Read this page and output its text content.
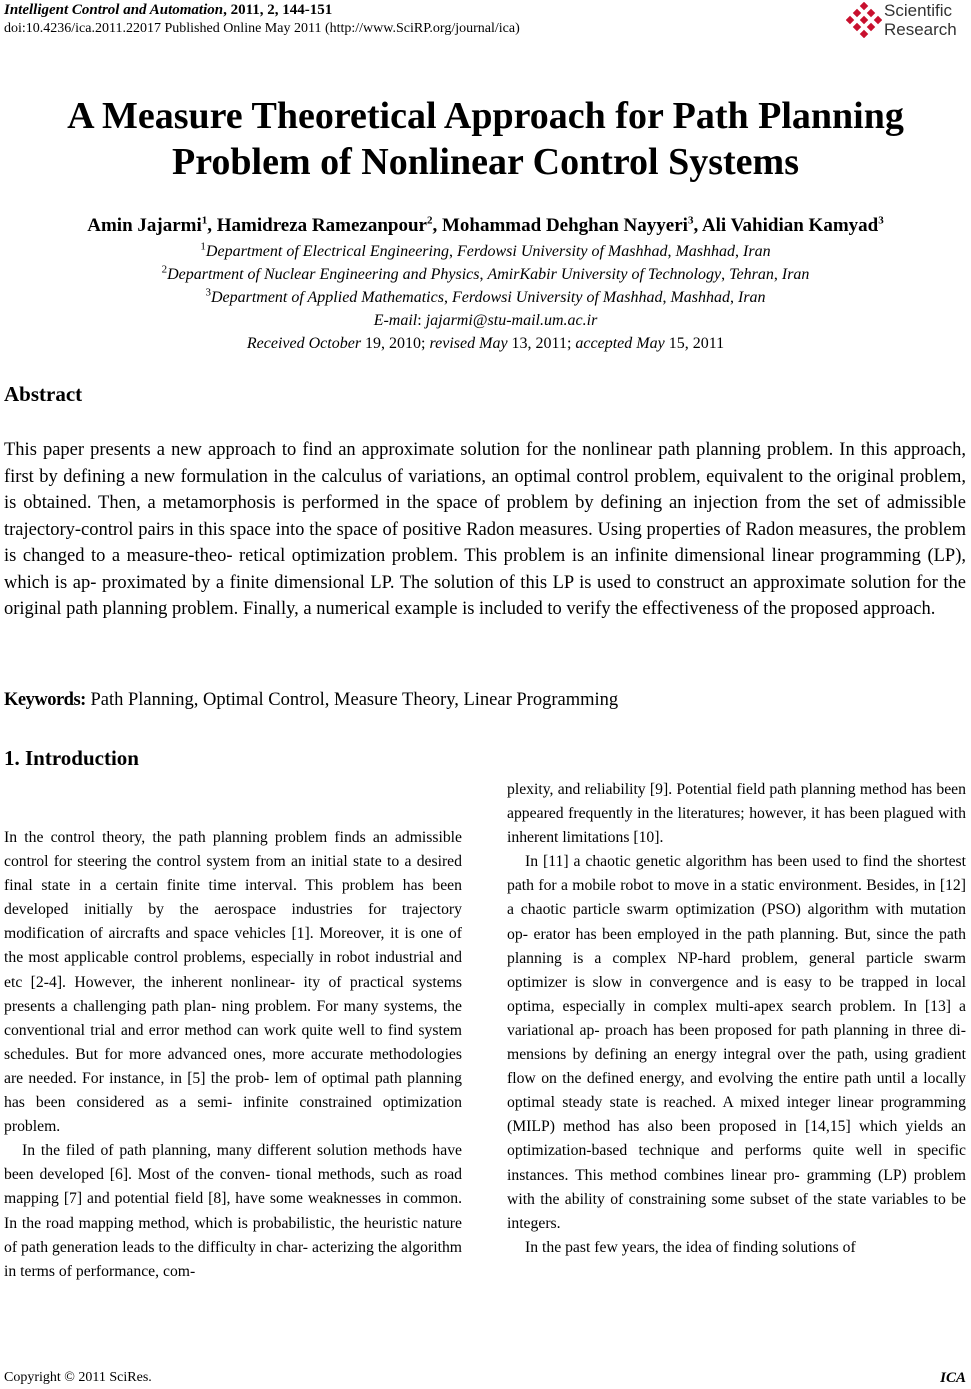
Intelligent Control and Automation, 2011, 2, 144-151
doi:10.4236/ica.2011.22017 Published Online May 2011 (http://www.SciRP.org/journal/ica)
Scientific
Research
A Measure Theoretical Approach for Path Planning
Problem of Nonlinear Control Systems
Amin Jajarmi$^1$, Hamidreza Ramezanpour$^2$, Mohammad Dehghan Nayyeri$^3$, Ali Vahidian Kamyad$^3$
$^1$Department of Electrical Engineering, Ferdowsi University of Mashhad, Mashhad, Iran
$^2$Department of Nuclear Engineering and Physics, AmirKabir University of Technology, Tehran, Iran
$^3$Department of Applied Mathematics, Ferdowsi University of Mashhad, Mashhad, Iran
E-mail: jajarmi@stu-mail.um.ac.ir
Received October 19, 2010; revised May 13, 2011; accepted May 15, 2011
Abstract
This paper presents a new approach to find an approximate solution for the nonlinear path planning problem. In this approach, first by defining a new formulation in the calculus of variations, an optimal control problem, equivalent to the original problem, is obtained. Then, a metamorphosis is performed in the space of problem by defining an injection from the set of admissible trajectory-control pairs in this space into the space of positive Radon measures. Using properties of Radon measures, the problem is changed to a measure-theo- retical optimization problem. This problem is an infinite dimensional linear programming (LP), which is ap- proximated by a finite dimensional LP. The solution of this LP is used to construct an approximate solution for the original path planning problem. Finally, a numerical example is included to verify the effectiveness of the proposed approach.
Keywords: Path Planning, Optimal Control, Measure Theory, Linear Programming
1. Introduction

In the control theory, the path planning problem finds an admissible control for steering the control system from an initial state to a desired final state in a certain finite time interval. This problem has been developed initially by the aerospace industries for trajectory modification of aircrafts and space vehicles [1]. Moreover, it is one of the most applicable control problems, especially in robot industrial and etc [2-4]. However, the inherent nonlinear- ity of practical systems presents a challenging path plan- ning problem. For many systems, the conventional trial and error method can work quite well to find system schedules. But for more advanced ones, more accurate methodologies are needed. For instance, in [5] the prob- lem of optimal path planning has been considered as a semi- infinite constrained optimization problem.

In the filed of path planning, many different solution methods have been developed [6]. Most of the conven- tional methods, such as road mapping [7] and potential field [8], have some weaknesses in common. In the road mapping method, which is probabilistic, the heuristic nature of path generation leads to the difficulty in char- acterizing the algorithm in terms of performance, com-

plexity, and reliability [9]. Potential field path planning method has been appeared frequently in the literatures; however, it has been plagued with inherent limitations [10].

In [11] a chaotic genetic algorithm has been used to find the shortest path for a mobile robot to move in a static environment. Besides, in [12] a chaotic particle swarm optimization (PSO) algorithm with mutation op- erator has been employed in the path planning. But, since the path planning is a complex NP-hard problem, general particle swarm optimizer is slow in convergence and is easy to be trapped in local optima, especially in complex multi-apex search problem. In [13] a variational ap- proach has been proposed for path planning in three di- mensions by defining an energy integral over the path, using gradient flow on the defined energy, and evolving the entire path until a locally optimal steady state is reached. A mixed integer linear programming (MILP) method has also been proposed in [14,15] which yields an optimization-based technique and performs quite well in specific instances. This method combines linear pro- gramming (LP) problem with the ability of constraining some subset of the state variables to be integers.

In the past few years, the idea of finding solutions of

Copyright © 2011 SciRes.	ICA
